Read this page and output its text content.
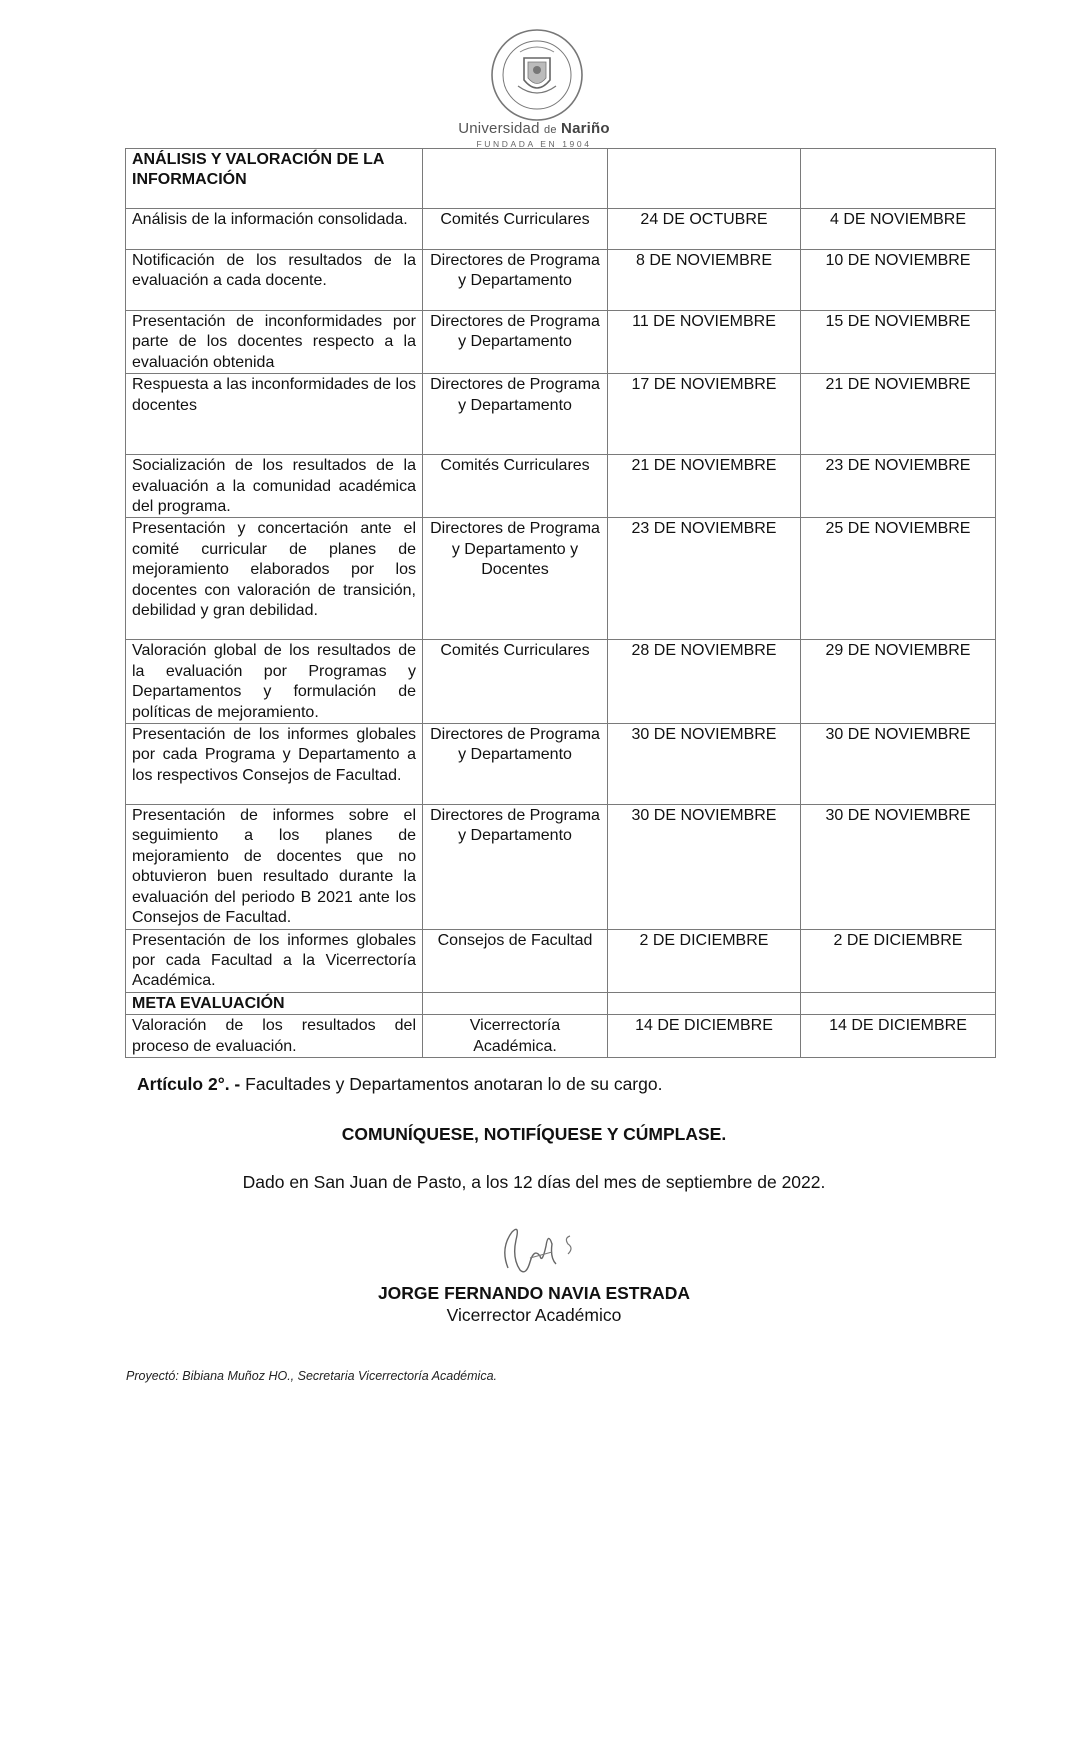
Universidad de Nariño
FUNDADA EN 1904
ANÁLISIS Y VALORACIÓN DE LA INFORMACIÓN			
Análisis de la información consolidada.	Comités Curriculares	24 DE OCTUBRE	4 DE NOVIEMBRE
Notificación de los resultados de la evaluación a cada docente.	Directores de Programa y Departamento	8 DE NOVIEMBRE	10 DE NOVIEMBRE
Presentación de inconformidades por parte de los docentes respecto a la evaluación obtenida	Directores de Programa y Departamento	11 DE NOVIEMBRE	15 DE NOVIEMBRE
Respuesta a las inconformidades de los docentes	Directores de Programa y Departamento	17 DE NOVIEMBRE	21 DE NOVIEMBRE
Socialización de los resultados de la evaluación a la comunidad académica del programa.	Comités Curriculares	21 DE NOVIEMBRE	23 DE NOVIEMBRE
Presentación y concertación ante el comité curricular de planes de mejoramiento elaborados por los docentes con valoración de transición, debilidad y gran debilidad.	Directores de Programa y Departamento y Docentes	23 DE NOVIEMBRE	25 DE NOVIEMBRE
Valoración global de los resultados de la evaluación por Programas y Departamentos y formulación de políticas de mejoramiento.	Comités Curriculares	28 DE NOVIEMBRE	29 DE NOVIEMBRE
Presentación de los informes globales por cada Programa y Departamento a los respectivos Consejos de Facultad.	Directores de Programa y Departamento	30 DE NOVIEMBRE	30 DE NOVIEMBRE
Presentación de informes sobre el seguimiento a los planes de mejoramiento de docentes que no obtuvieron buen resultado durante la evaluación del periodo B 2021 ante los Consejos de Facultad.	Directores de Programa y Departamento	30 DE NOVIEMBRE	30 DE NOVIEMBRE
Presentación de los informes globales por cada Facultad a la Vicerrectoría Académica.	Consejos de Facultad	2 DE DICIEMBRE	2 DE DICIEMBRE
META EVALUACIÓN			
Valoración de los resultados del proceso de evaluación.	Vicerrectoría Académica.	14 DE DICIEMBRE	14 DE DICIEMBRE
Artículo 2°. - Facultades y Departamentos anotaran lo de su cargo.
COMUNÍQUESE, NOTIFÍQUESE Y CÚMPLASE.
Dado en San Juan de Pasto, a los 12 días del mes de septiembre de 2022.
JORGE FERNANDO NAVIA ESTRADA
Vicerrector Académico
Proyectó: Bibiana Muñoz HO., Secretaria Vicerrectoría Académica.
